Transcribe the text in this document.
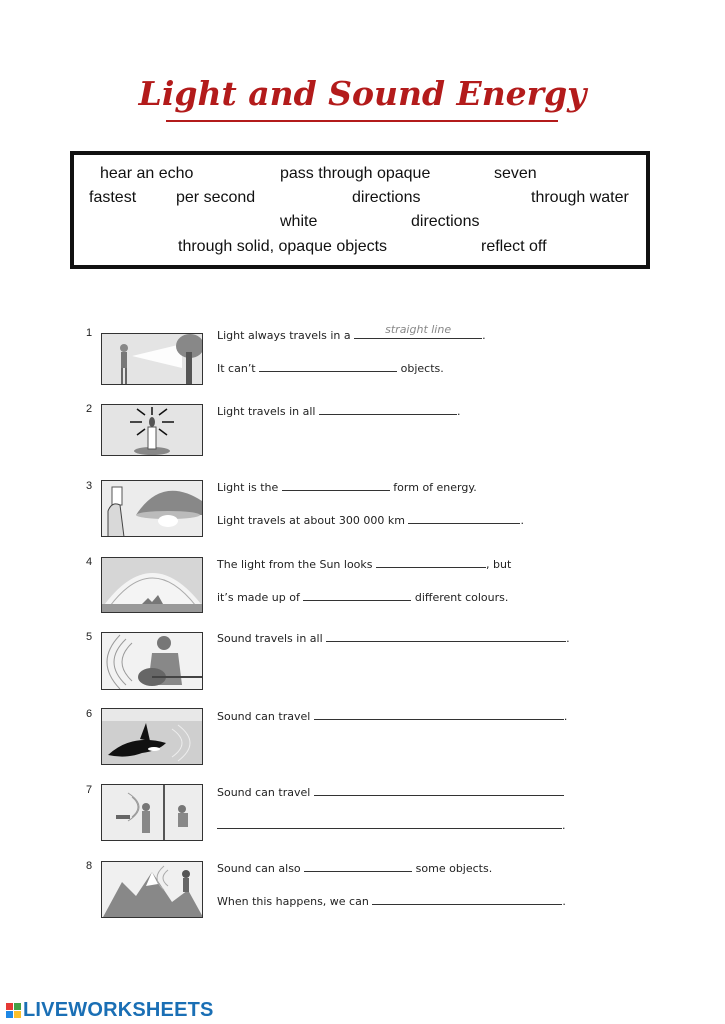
Light and Sound Energy
hear an echo	pass through opaque	seven
fastest per second	directions	through water
white	directions
through solid, opaque objects	reflect off
1	Light always travels in a	straight line	.
It can’t	objects.
2	Light travels in all	.
3	Light is the	form of energy.
Light travels at about 300 000 km	.
4	The light from the Sun looks	, but
it’s made up of	different colours.
5	Sound travels in all	.
6	Sound can travel	.
7	Sound can travel
.
8	Sound can also	some objects.
When this happens, we can	.
LIVEWORKSHEETS
